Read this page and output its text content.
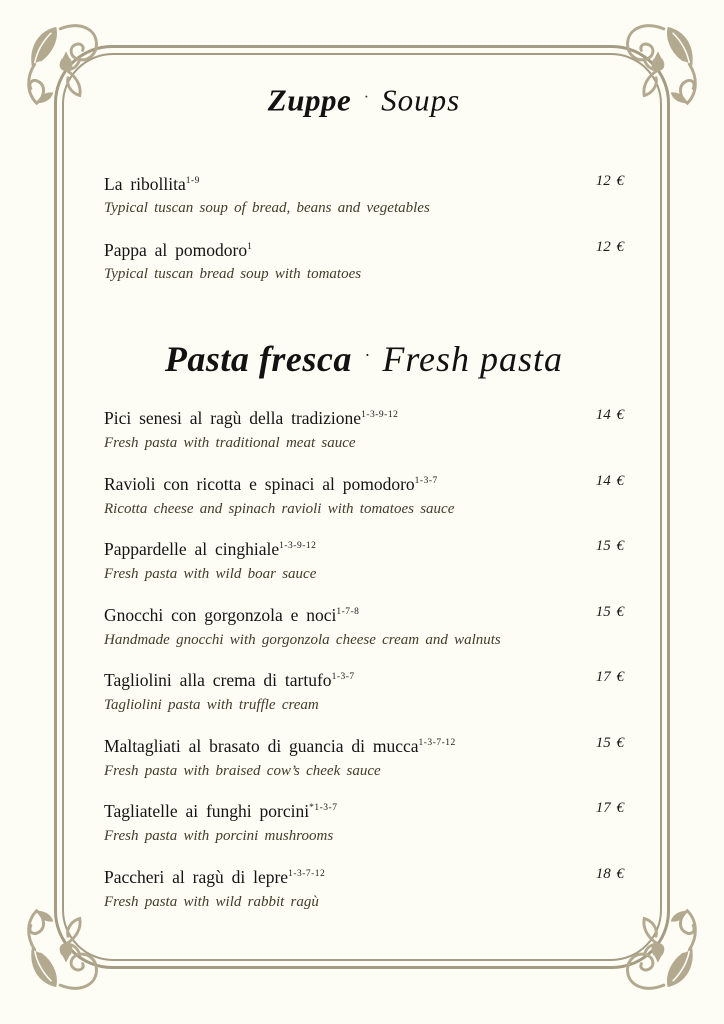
Zuppe · Soups
La ribollita$^{1-9}$	12 €
Typical tuscan soup of bread, beans and vegetables
Pappa al pomodoro$^1$	12 €
Typical tuscan bread soup with tomatoes
Pasta fresca · Fresh pasta
Pici senesi al ragù della tradizione$^{1-3-9-12}$	14 €
Fresh pasta with traditional meat sauce
Ravioli con ricotta e spinaci al pomodoro$^{1-3-7}$	14 €
Ricotta cheese and spinach ravioli with tomatoes sauce
Pappardelle al cinghiale$^{1-3-9-12}$	15 €
Fresh pasta with wild boar sauce
Gnocchi con gorgonzola e noci$^{1-7-8}$	15 €
Handmade gnocchi with gorgonzola cheese cream and walnuts
Tagliolini alla crema di tartufo$^{1-3-7}$	17 €
Tagliolini pasta with truffle cream
Maltagliati al brasato di guancia di mucca$^{1-3-7-12}$	15 €
Fresh pasta with braised cow’s cheek sauce
Tagliatelle ai funghi porcini$^{*1-3-7}$	17 €
Fresh pasta with porcini mushrooms
Paccheri al ragù di lepre$^{1-3-7-12}$	18 €
Fresh pasta with wild rabbit ragù
